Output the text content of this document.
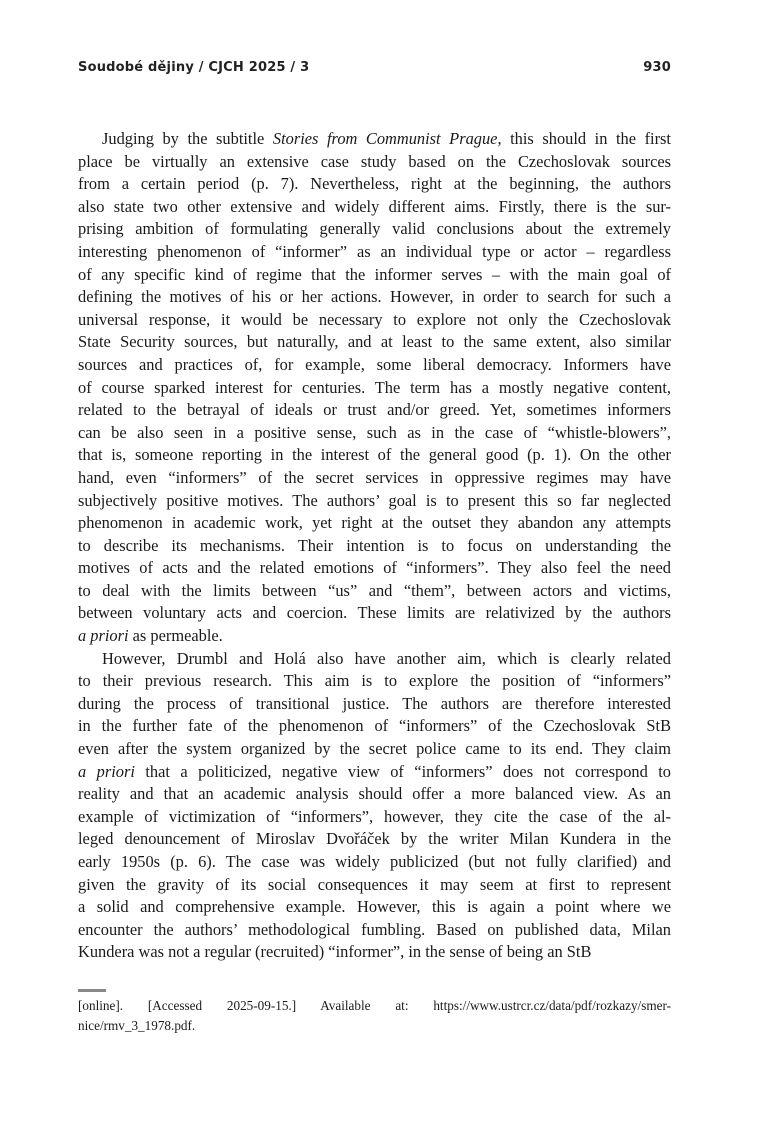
Soudobé dějiny / CJCH 2025 / 3	930
Judging by the subtitle Stories from Communist Prague, this should in the first
place be virtually an extensive case study based on the Czechoslovak sources
from a certain period (p. 7). Nevertheless, right at the beginning, the authors
also state two other extensive and widely different aims. Firstly, there is the sur-
prising ambition of formulating generally valid conclusions about the extremely
interesting phenomenon of “informer” as an individual type or actor – regardless
of any specific kind of regime that the informer serves – with the main goal of
defining the motives of his or her actions. However, in order to search for such a
universal response, it would be necessary to explore not only the Czechoslovak
State Security sources, but naturally, and at least to the same extent, also similar
sources and practices of, for example, some liberal democracy. Informers have
of course sparked interest for centuries. The term has a mostly negative content,
related to the betrayal of ideals or trust and/or greed. Yet, sometimes informers
can be also seen in a positive sense, such as in the case of “whistle-blowers”,
that is, someone reporting in the interest of the general good (p. 1). On the other
hand, even “informers” of the secret services in oppressive regimes may have
subjectively positive motives. The authors’ goal is to present this so far neglected
phenomenon in academic work, yet right at the outset they abandon any attempts
to describe its mechanisms. Their intention is to focus on understanding the
motives of acts and the related emotions of “informers”. They also feel the need
to deal with the limits between “us” and “them”, between actors and victims,
between voluntary acts and coercion. These limits are relativized by the authors
a priori as permeable.
However, Drumbl and Holá also have another aim, which is clearly related
to their previous research. This aim is to explore the position of “informers”
during the process of transitional justice. The authors are therefore interested
in the further fate of the phenomenon of “informers” of the Czechoslovak StB
even after the system organized by the secret police came to its end. They claim
a priori that a politicized, negative view of “informers” does not correspond to
reality and that an academic analysis should offer a more balanced view. As an
example of victimization of “informers”, however, they cite the case of the al-
leged denouncement of Miroslav Dvořáček by the writer Milan Kundera in the
early 1950s (p. 6). The case was widely publicized (but not fully clarified) and
given the gravity of its social consequences it may seem at first to represent
a solid and comprehensive example. However, this is again a point where we
encounter the authors’ methodological fumbling. Based on published data, Milan
Kundera was not a regular (recruited) “informer”, in the sense of being an StB
[online]. [Accessed 2025-09-15.] Available at: https://www.ustrcr.cz/data/pdf/rozkazy/smer-
nice/rmv_3_1978.pdf.
